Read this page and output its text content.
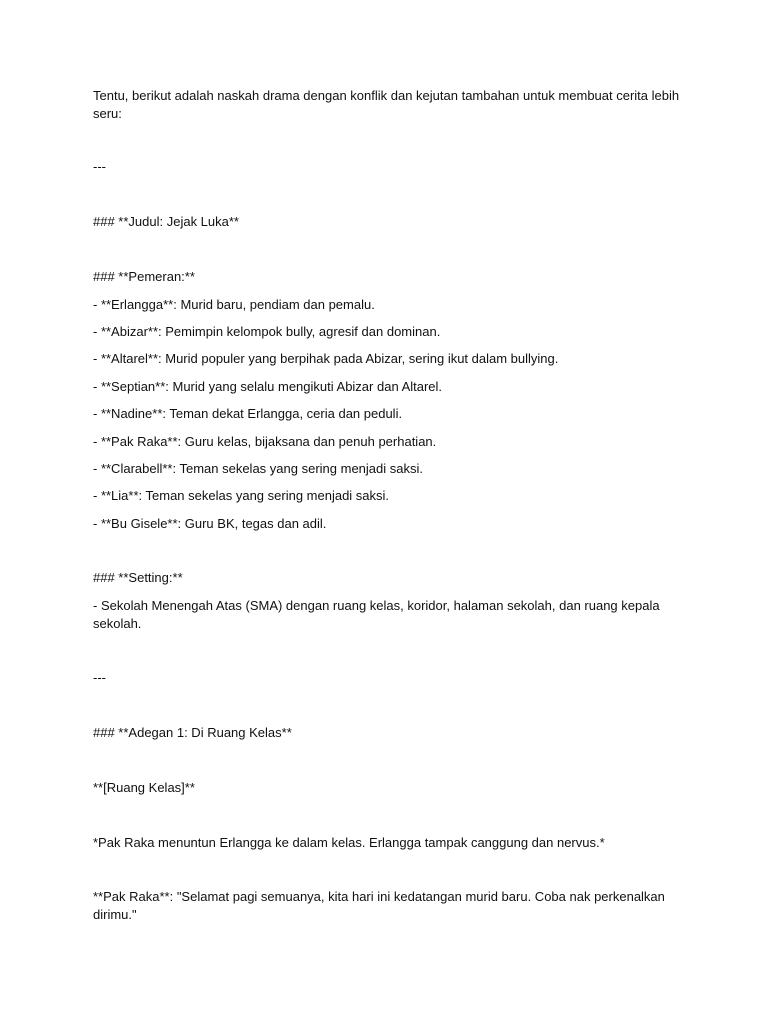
Tentu, berikut adalah naskah drama dengan konflik dan kejutan tambahan untuk membuat cerita lebih seru:

---

### **Judul: Jejak Luka**

### **Pemeran:**

- **Erlangga**: Murid baru, pendiam dan pemalu.

- **Abizar**: Pemimpin kelompok bully, agresif dan dominan.

- **Altarel**: Murid populer yang berpihak pada Abizar, sering ikut dalam bullying.

- **Septian**: Murid yang selalu mengikuti Abizar dan Altarel.

- **Nadine**: Teman dekat Erlangga, ceria dan peduli.

- **Pak Raka**: Guru kelas, bijaksana dan penuh perhatian.

- **Clarabell**: Teman sekelas yang sering menjadi saksi.

- **Lia**: Teman sekelas yang sering menjadi saksi.

- **Bu Gisele**: Guru BK, tegas dan adil.

### **Setting:**

- Sekolah Menengah Atas (SMA) dengan ruang kelas, koridor, halaman sekolah, dan ruang kepala sekolah.

---

### **Adegan 1: Di Ruang Kelas**

**[Ruang Kelas]**

*Pak Raka menuntun Erlangga ke dalam kelas. Erlangga tampak canggung dan nervus.*

**Pak Raka**: "Selamat pagi semuanya, kita hari ini kedatangan murid baru. Coba nak perkenalkan dirimu."
